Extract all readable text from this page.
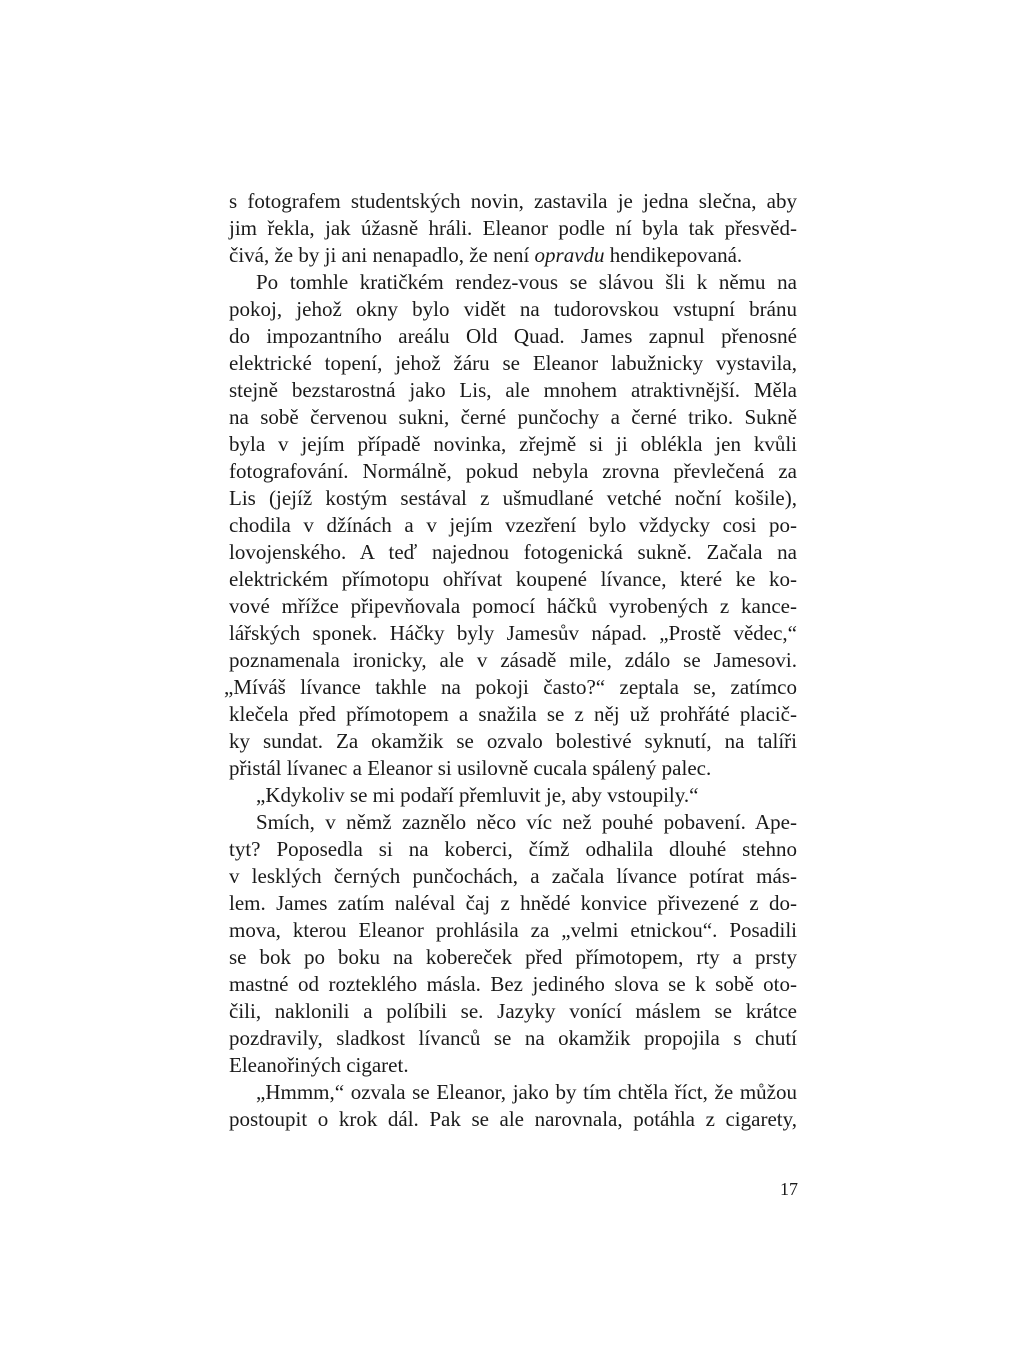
s fotografem studentských novin, zastavila je jedna slečna, aby
jim řekla, jak úžasně hráli. Eleanor podle ní byla tak přesvěd-
čivá, že by ji ani nenapadlo, že není opravdu hendikepovaná.
Po tomhle kratičkém rendez-vous se slávou šli k němu na
pokoj, jehož okny bylo vidět na tudorovskou vstupní bránu
do impozantního areálu Old Quad. James zapnul přenosné
elektrické topení, jehož žáru se Eleanor labužnicky vystavila,
stejně bezstarostná jako Lis, ale mnohem atraktivnější. Měla
na sobě červenou sukni, černé punčochy a černé triko. Sukně
byla v jejím případě novinka, zřejmě si ji oblékla jen kvůli
fotografování. Normálně, pokud nebyla zrovna převlečená za
Lis (jejíž kostým sestával z ušmudlané vetché noční košile),
chodila v džínách a v jejím vzezření bylo vždycky cosi po-
lovojenského. A teď najednou fotogenická sukně. Začala na
elektrickém přímotopu ohřívat koupené lívance, které ke ko-
vové mřížce připevňovala pomocí háčků vyrobených z kance-
lářských sponek. Háčky byly Jamesův nápad. „Prostě vědec,“
poznamenala ironicky, ale v zásadě mile, zdálo se Jamesovi.
„Míváš lívance takhle na pokoji často?“ zeptala se, zatímco
klečela před přímotopem a snažila se z něj už prohřáté placič-
ky sundat. Za okamžik se ozvalo bolestivé syknutí, na talíři
přistál lívanec a Eleanor si usilovně cucala spálený palec.
„Kdykoliv se mi podaří přemluvit je, aby vstoupily.“
Smích, v němž zaznělo něco víc než pouhé pobavení. Ape-
tyt? Poposedla si na koberci, čímž odhalila dlouhé stehno
v lesklých černých punčochách, a začala lívance potírat más-
lem. James zatím naléval čaj z hnědé konvice přivezené z do-
mova, kterou Eleanor prohlásila za „velmi etnickou“. Posadili
se bok po boku na kobereček před přímotopem, rty a prsty
mastné od rozteklého másla. Bez jediného slova se k sobě oto-
čili, naklonili a políbili se. Jazyky vonící máslem se krátce
pozdravily, sladkost lívanců se na okamžik propojila s chutí
Eleanořiných cigaret.
„Hmmm,“ ozvala se Eleanor, jako by tím chtěla říct, že můžou
postoupit o krok dál. Pak se ale narovnala, potáhla z cigarety,
17
